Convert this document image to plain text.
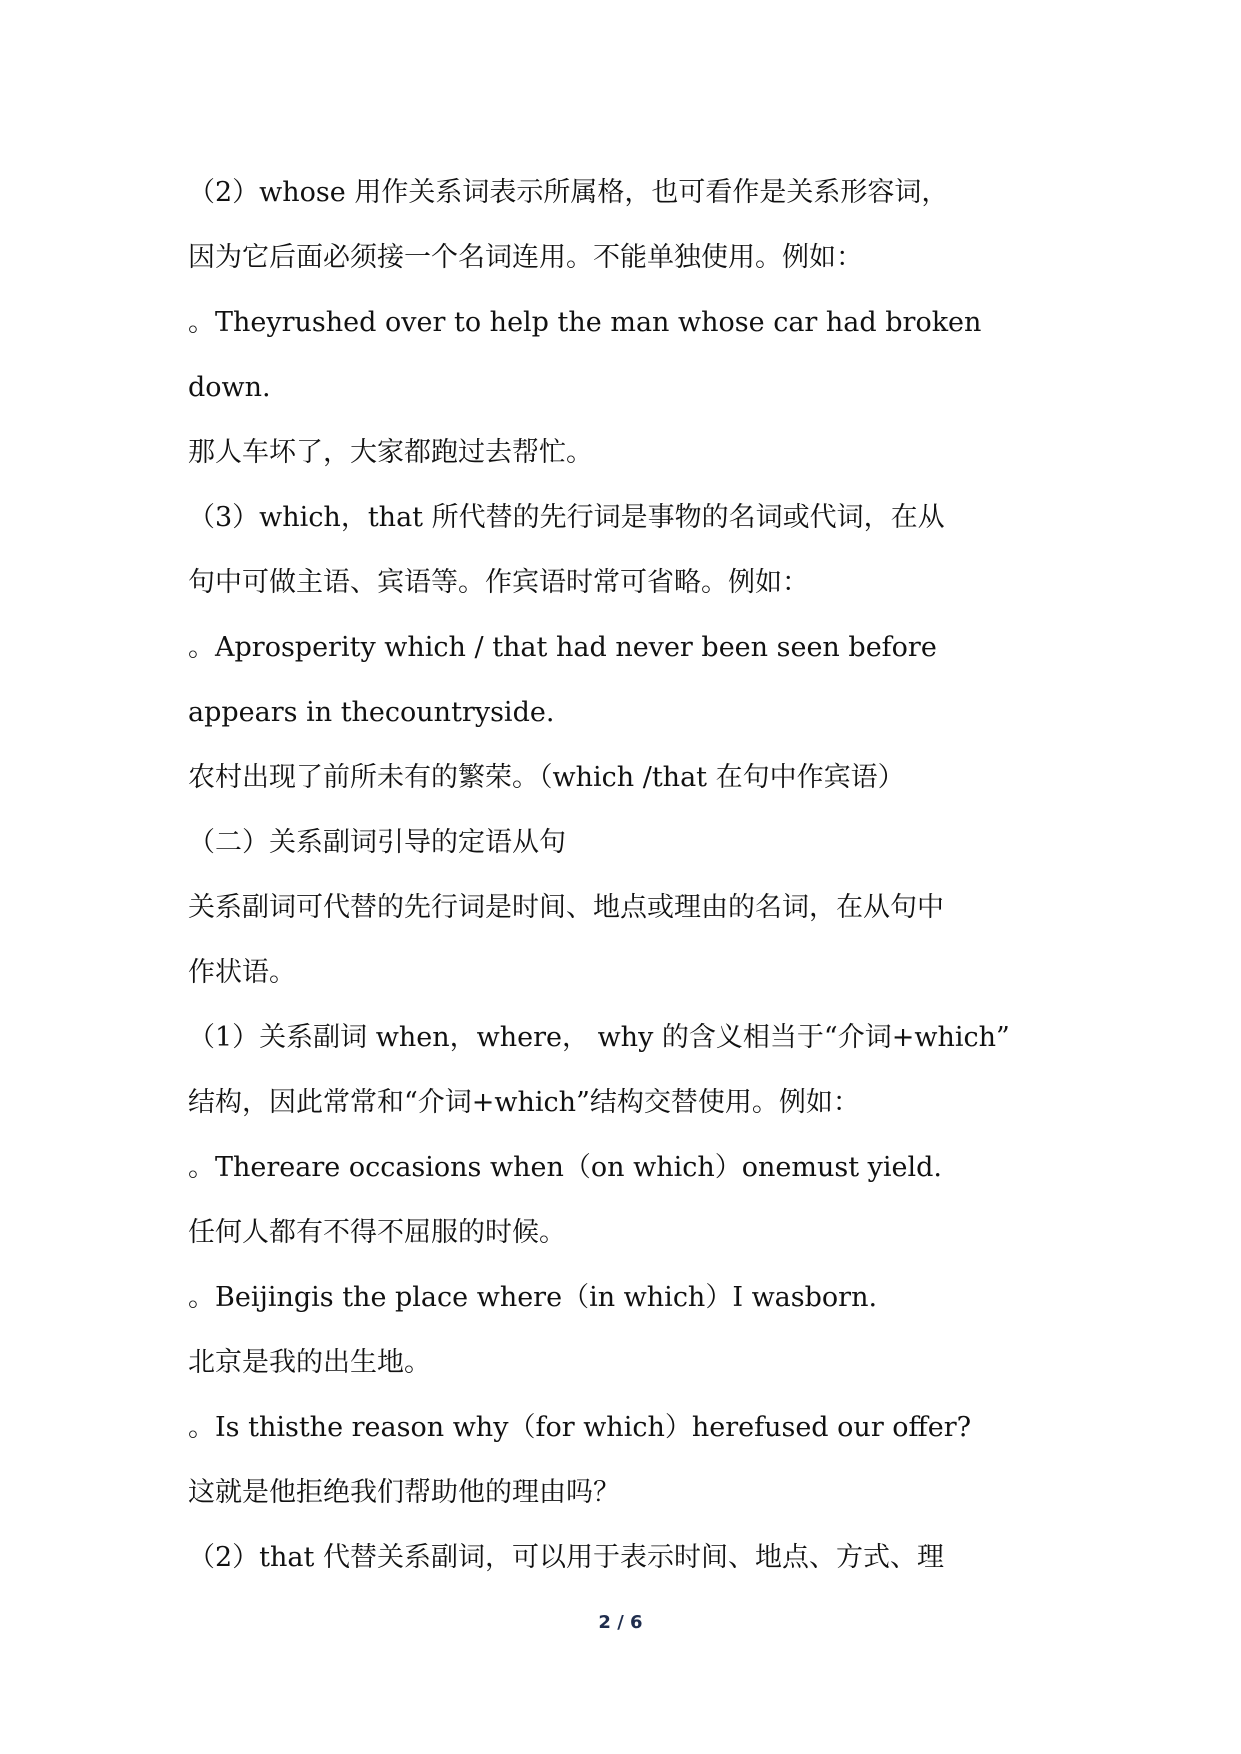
（2）whose 用作关系词表示所属格，也可看作是关系形容词，
因为它后面必须接一个名词连用。不能单独使用。例如：
。Theyrushed over to help the man whose car had broken
down.
那人车坏了，大家都跑过去帮忙。
（3）which，that 所代替的先行词是事物的名词或代词，在从
句中可做主语、宾语等。作宾语时常可省略。例如：
。Aprosperity which / that had never been seen before
appears in thecountryside.
农村出现了前所未有的繁荣。（which /that 在句中作宾语）
（二）关系副词引导的定语从句
关系副词可代替的先行词是时间、地点或理由的名词，在从句中
作状语。
（1）关系副词 when，where， why 的含义相当于“介词+which”
结构，因此常常和“介词+which”结构交替使用。例如：
。Thereare occasions when（on which）onemust yield.
任何人都有不得不屈服的时候。
。Beijingis the place where（in which）I wasborn.
北京是我的出生地。
。Is thisthe reason why（for which）herefused our offer?
这就是他拒绝我们帮助他的理由吗？
（2）that 代替关系副词，可以用于表示时间、地点、方式、理
2 / 6
